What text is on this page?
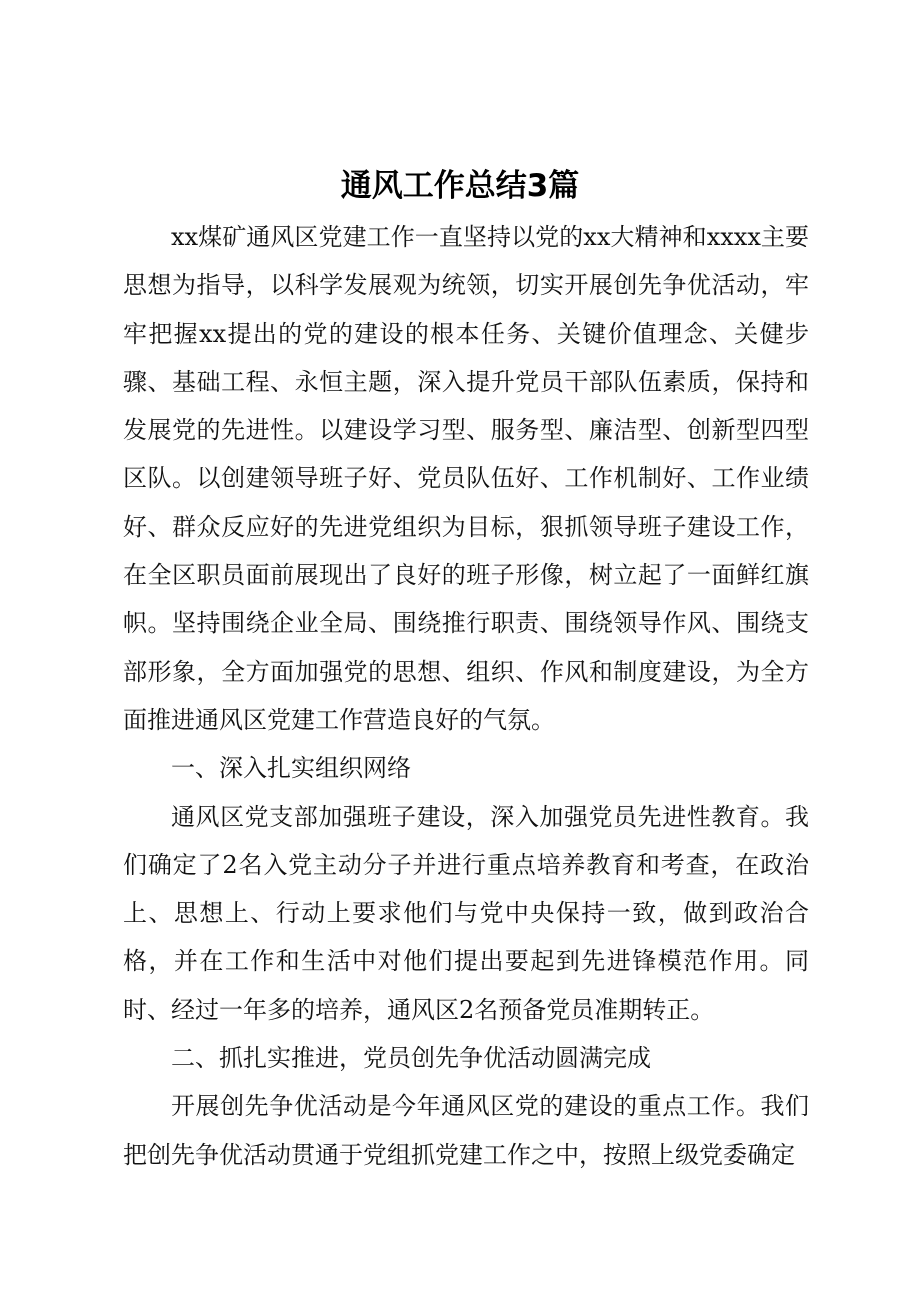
通风工作总结3篇

xx煤矿通风区党建工作一直坚持以党的xx大精神和xxxx主要思想为指导，以科学发展观为统领，切实开展创先争优活动，牢牢把握xx提出的党的建设的根本任务、关键价值理念、关健步骤、基础工程、永恒主题，深入提升党员干部队伍素质，保持和发展党的先进性。以建设学习型、服务型、廉洁型、创新型四型区队。以创建领导班子好、党员队伍好、工作机制好、工作业绩好、群众反应好的先进党组织为目标，狠抓领导班子建设工作，在全区职员面前展现出了良好的班子形像，树立起了一面鲜红旗帜。坚持围绕企业全局、围绕推行职责、围绕领导作风、围绕支部形象，全方面加强党的思想、组织、作风和制度建设，为全方面推进通风区党建工作营造良好的气氛。

一、深入扎实组织网络

通风区党支部加强班子建设，深入加强党员先进性教育。我们确定了2名入党主动分子并进行重点培养教育和考查，在政治上、思想上、行动上要求他们与党中央保持一致，做到政治合格，并在工作和生活中对他们提出要起到先进锋模范作用。同时、经过一年多的培养，通风区2名预备党员准期转正。

二、抓扎实推进，党员创先争优活动圆满完成

开展创先争优活动是今年通风区党的建设的重点工作。我们把创先争优活动贯通于党组抓党建工作之中，按照上级党委确定
